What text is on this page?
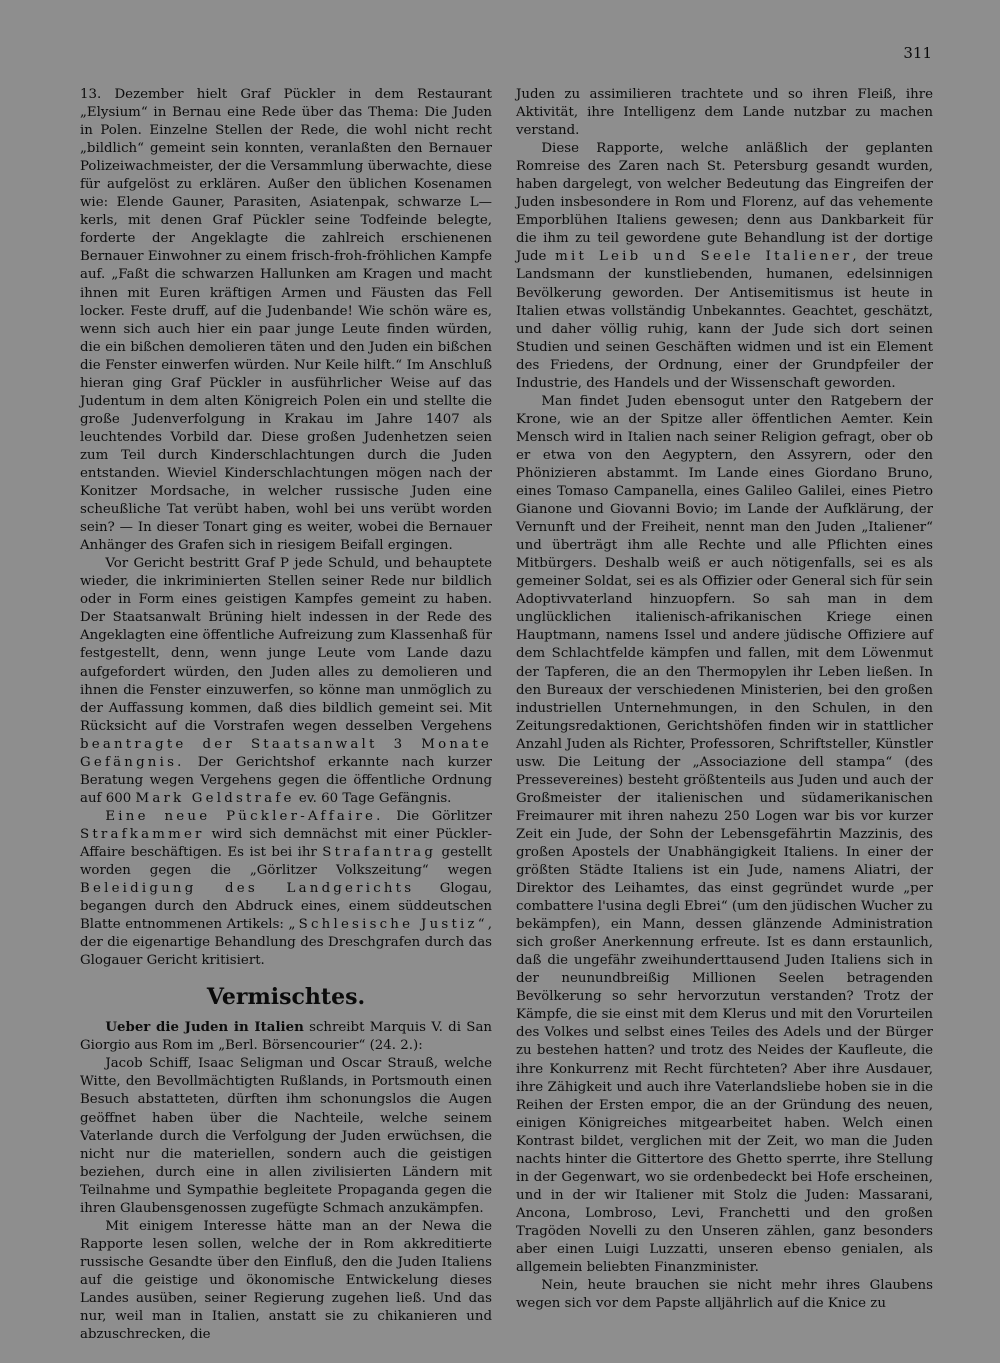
311

13. Dezember hielt Graf Pückler in dem Restaurant „Elysium“ in Bernau eine Rede über das Thema: Die Juden in Polen. Einzelne Stellen der Rede, die wohl nicht recht „bildlich“ gemeint sein konnten, veranlaßten den Bernauer Polizeiwachmeister, der die Versammlung überwachte, diese für aufgelöst zu erklären. Außer den üblichen Kosenamen wie: Elende Gauner, Parasiten, Asiatenpak, schwarze L—kerls, mit denen Graf Pückler seine Todfeinde belegte, forderte der Angeklagte die zahlreich erschienenen Bernauer Einwohner zu einem frisch-froh-fröhlichen Kampfe auf. „Faßt die schwarzen Hallunken am Kragen und macht ihnen mit Euren kräftigen Armen und Fäusten das Fell locker. Feste druff, auf die Judenbande! Wie schön wäre es, wenn sich auch hier ein paar junge Leute finden würden, die ein bißchen demolieren täten und den Juden ein bißchen die Fenster einwerfen würden. Nur Keile hilft.“ Im Anschluß hieran ging Graf Pückler in ausführlicher Weise auf das Judentum in dem alten Königreich Polen ein und stellte die große Judenverfolgung in Krakau im Jahre 1407 als leuchtendes Vorbild dar. Diese großen Judenhetzen seien zum Teil durch Kinderschlachtungen durch die Juden entstanden. Wieviel Kinderschlachtungen mögen nach der Konitzer Mordsache, in welcher russische Juden eine scheußliche Tat verübt haben, wohl bei uns verübt worden sein? — In dieser Tonart ging es weiter, wobei die Bernauer Anhänger des Grafen sich in riesigem Beifall ergingen.

Vor Gericht bestritt Graf P jede Schuld, und behauptete wieder, die inkriminierten Stellen seiner Rede nur bildlich oder in Form eines geistigen Kampfes gemeint zu haben. Der Staatsanwalt Brüning hielt indessen in der Rede des Angeklagten eine öffentliche Aufreizung zum Klassenhaß für festgestellt, denn, wenn junge Leute vom Lande dazu aufgefordert würden, den Juden alles zu demolieren und ihnen die Fenster einzuwerfen, so könne man unmöglich zu der Auffassung kommen, daß dies bildlich gemeint sei. Mit Rücksicht auf die Vorstrafen wegen desselben Vergehens beantragte der Staatsanwalt 3 Monate Gefängnis. Der Gerichtshof erkannte nach kurzer Beratung wegen Vergehens gegen die öffentliche Ordnung auf 600 Mark Geldstrafe ev. 60 Tage Gefängnis.

Eine neue Pückler-Affaire. Die Görlitzer Strafkammer wird sich demnächst mit einer Pückler-Affaire beschäftigen. Es ist bei ihr Strafantrag gestellt worden gegen die „Görlitzer Volkszeitung“ wegen Beleidigung des Landgerichts Glogau, begangen durch den Abdruck eines, einem süddeutschen Blatte entnommenen Artikels: „Schlesische Justiz“, der die eigenartige Behandlung des Dreschgrafen durch das Glogauer Gericht kritisiert.

Vermischtes.

Ueber die Juden in Italien schreibt Marquis V. di San Giorgio aus Rom im „Berl. Börsencourier“ (24. 2.):

Jacob Schiff, Isaac Seligman und Oscar Strauß, welche Witte, den Bevollmächtigten Rußlands, in Portsmouth einen Besuch abstatteten, dürften ihm schonungslos die Augen geöffnet haben über die Nachteile, welche seinem Vaterlande durch die Verfolgung der Juden erwüchsen, die nicht nur die materiellen, sondern auch die geistigen beziehen, durch eine in allen zivilisierten Ländern mit Teilnahme und Sympathie begleitete Propaganda gegen die ihren Glaubensgenossen zugefügte Schmach anzukämpfen.

Mit einigem Interesse hätte man an der Newa die Rapporte lesen sollen, welche der in Rom akkreditierte russische Gesandte über den Einfluß, den die Juden Italiens auf die geistige und ökonomische Entwickelung dieses Landes ausüben, seiner Regierung zugehen ließ. Und das nur, weil man in Italien, anstatt sie zu chikanieren und abzuschrecken, die

Juden zu assimilieren trachtete und so ihren Fleiß, ihre Aktivität, ihre Intelligenz dem Lande nutzbar zu machen verstand.

Diese Rapporte, welche anläßlich der geplanten Romreise des Zaren nach St. Petersburg gesandt wurden, haben dargelegt, von welcher Bedeutung das Eingreifen der Juden insbesondere in Rom und Florenz, auf das vehemente Emporblühen Italiens gewesen; denn aus Dankbarkeit für die ihm zu teil gewordene gute Behandlung ist der dortige Jude mit Leib und Seele Italiener, der treue Landsmann der kunstliebenden, humanen, edelsinnigen Bevölkerung geworden. Der Antisemitismus ist heute in Italien etwas vollständig Unbekanntes. Geachtet, geschätzt, und daher völlig ruhig, kann der Jude sich dort seinen Studien und seinen Geschäften widmen und ist ein Element des Friedens, der Ordnung, einer der Grundpfeiler der Industrie, des Handels und der Wissenschaft geworden.

Man findet Juden ebensogut unter den Ratgebern der Krone, wie an der Spitze aller öffentlichen Aemter. Kein Mensch wird in Italien nach seiner Religion gefragt, ober ob er etwa von den Aegyptern, den Assyrern, oder den Phönizieren abstammt. Im Lande eines Giordano Bruno, eines Tomaso Campanella, eines Galileo Galilei, eines Pietro Gianone und Giovanni Bovio; im Lande der Aufklärung, der Vernunft und der Freiheit, nennt man den Juden „Italiener“ und überträgt ihm alle Rechte und alle Pflichten eines Mitbürgers. Deshalb weiß er auch nötigenfalls, sei es als gemeiner Soldat, sei es als Offizier oder General sich für sein Adoptivvaterland hinzuopfern. So sah man in dem unglücklichen italienisch-afrikanischen Kriege einen Hauptmann, namens Issel und andere jüdische Offiziere auf dem Schlachtfelde kämpfen und fallen, mit dem Löwenmut der Tapferen, die an den Thermopylen ihr Leben ließen. In den Bureaux der verschiedenen Ministerien, bei den großen industriellen Unternehmungen, in den Schulen, in den Zeitungsredaktionen, Gerichtshöfen finden wir in stattlicher Anzahl Juden als Richter, Professoren, Schriftsteller, Künstler usw. Die Leitung der „Associazione dell stampa“ (des Pressevereines) besteht größtenteils aus Juden und auch der Großmeister der italienischen und südamerikanischen Freimaurer mit ihren nahezu 250 Logen war bis vor kurzer Zeit ein Jude, der Sohn der Lebensgefährtin Mazzinis, des großen Apostels der Unabhängigkeit Italiens. In einer der größten Städte Italiens ist ein Jude, namens Aliatri, der Direktor des Leihamtes, das einst gegründet wurde „per combattere l'usina degli Ebrei“ (um den jüdischen Wucher zu bekämpfen), ein Mann, dessen glänzende Administration sich großer Anerkennung erfreute. Ist es dann erstaunlich, daß die ungefähr zweihunderttausend Juden Italiens sich in der neunundbreißig Millionen Seelen betragenden Bevölkerung so sehr hervorzutun verstanden? Trotz der Kämpfe, die sie einst mit dem Klerus und mit den Vorurteilen des Volkes und selbst eines Teiles des Adels und der Bürger zu bestehen hatten? und trotz des Neides der Kaufleute, die ihre Konkurrenz mit Recht fürchteten? Aber ihre Ausdauer, ihre Zähigkeit und auch ihre Vaterlandsliebe hoben sie in die Reihen der Ersten empor, die an der Gründung des neuen, einigen Königreiches mitgearbeitet haben. Welch einen Kontrast bildet, verglichen mit der Zeit, wo man die Juden nachts hinter die Gittertore des Ghetto sperrte, ihre Stellung in der Gegenwart, wo sie ordenbedeckt bei Hofe erscheinen, und in der wir Italiener mit Stolz die Juden: Massarani, Ancona, Lombroso, Levi, Franchetti und den großen Tragöden Novelli zu den Unseren zählen, ganz besonders aber einen Luigi Luzzatti, unseren ebenso genialen, als allgemein beliebten Finanzminister.

Nein, heute brauchen sie nicht mehr ihres Glaubens wegen sich vor dem Papste alljährlich auf die Knice zu
